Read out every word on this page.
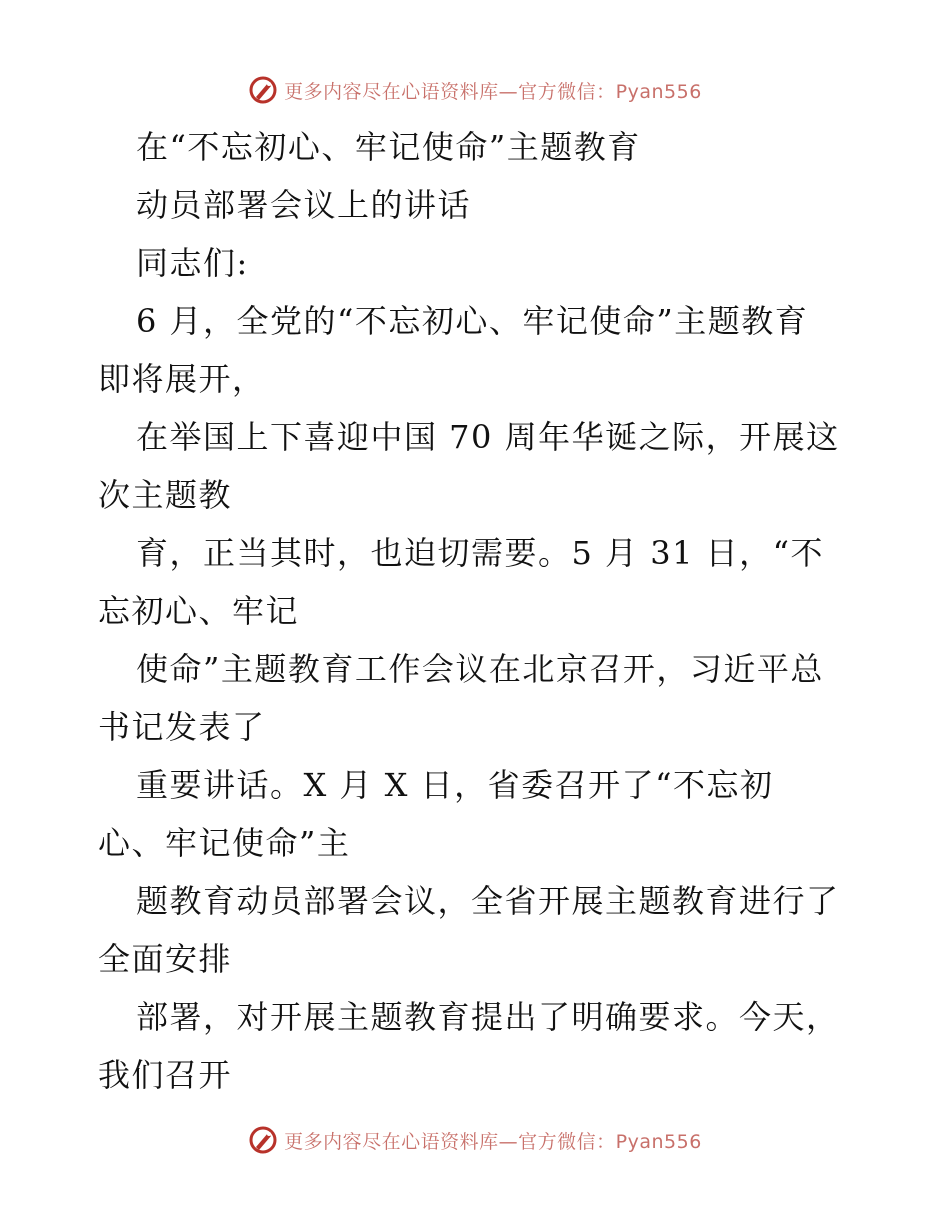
更多内容尽在心语资料库—官方微信：Pyan556
在“不忘初心、牢记使命”主题教育
动员部署会议上的讲话
同志们:
6 月，全党的“不忘初心、牢记使命”主题教育
即将展开，
在举国上下喜迎中国 70 周年华诞之际，开展这
次主题教
育，正当其时，也迫切需要。5 月 31 日，“不
忘初心、牢记
使命”主题教育工作会议在北京召开，习近平总
书记发表了
重要讲话。X 月 X 日，省委召开了“不忘初
心、牢记使命”主
题教育动员部署会议，全省开展主题教育进行了
全面安排
部署，对开展主题教育提出了明确要求。今天，
我们召开
更多内容尽在心语资料库—官方微信：Pyan556
